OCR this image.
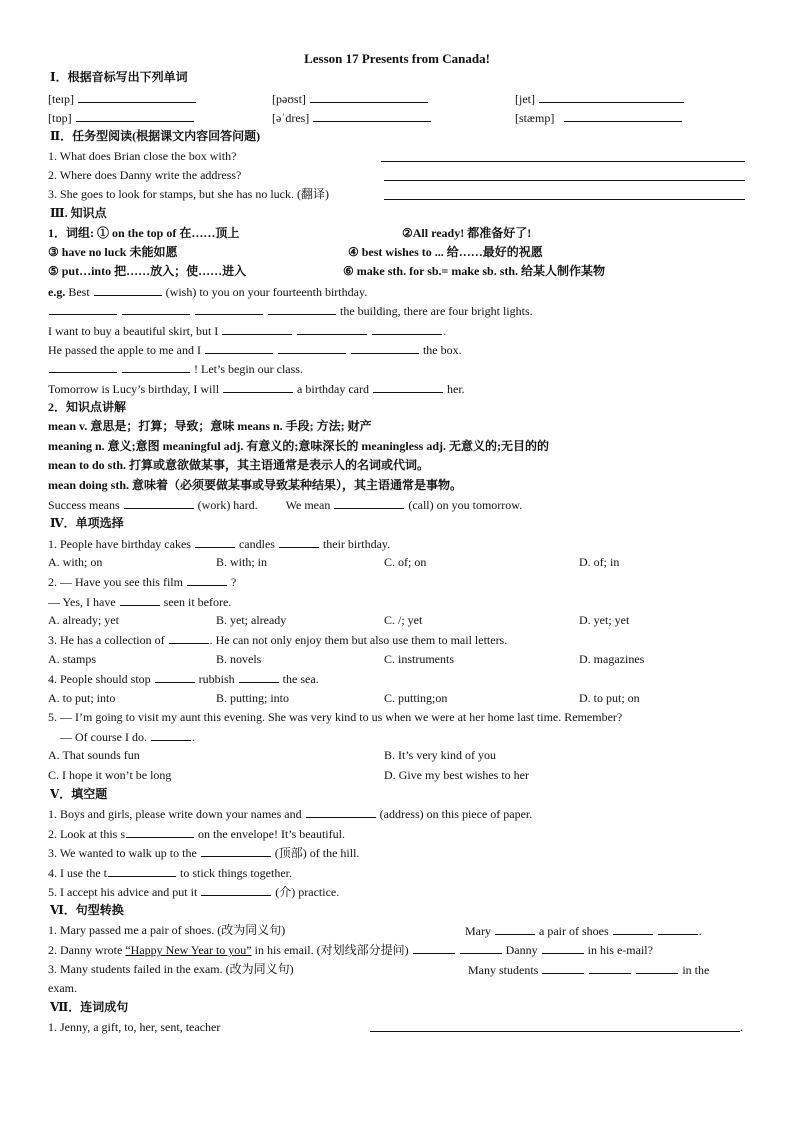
Lesson 17 Presents from Canada!
Ⅰ．根据音标写出下列单词
[teɪp]	[pəʊst]	[jet]
[tɒp]	[əˈdres]	[stæmp]
Ⅱ．任务型阅读(根据课文内容回答问题)
1. What does Brian close the box with?
2. Where does Danny write the address?
3. She goes to look for stamps, but she has no luck. (翻译)
Ⅲ. 知识点
1．词组: ① on the top of 在……顶上	②All ready! 都准备好了!
③ have no luck 未能如愿	④ best wishes to ... 给……最好的祝愿
⑤ put…into 把……放入；使……进入	⑥ make sth. for sb.= make sb. sth. 给某人制作某物
e.g. Best	(wish) to you on your fourteenth birthday.
the building, there are four bright lights.
I want to buy a beautiful skirt, but I	.
He passed the apple to me and I	the box.
! Let’s begin our class.
Tomorrow is Lucy’s birthday, I will	a birthday card	her.
2．知识点讲解
mean v. 意思是；打算；导致；意味 means n. 手段; 方法; 财产
meaning n. 意义;意图 meaningful adj. 有意义的;意味深长的 meaningless adj. 无意义的;无目的的
mean to do sth. 打算或意欲做某事，其主语通常是表示人的名词或代词。
mean doing sth. 意味着（必须要做某事或导致某种结果），其主语通常是事物。
Success means	(work) hard. We mean	(call) on you tomorrow.
Ⅳ．单项选择
1. People have birthday cakes	candles	their birthday.
A. with; on	B. with; in	C. of; on	D. of; in
2. — Have you see this film	?
— Yes, I have	seen it before.
A. already; yet	B. yet; already	C. /; yet	D. yet; yet
3. He has a collection of	. He can not only enjoy them but also use them to mail letters.
A. stamps	B. novels	C. instruments	D. magazines
4. People should stop	rubbish	the sea.
A. to put; into	B. putting; into	C. putting;on	D. to put; on
5. — I’m going to visit my aunt this evening. She was very kind to us when we were at her home last time. Remember?
— Of course I do.	.
A. That sounds fun	B. It’s very kind of you
C. I hope it won’t be long	D. Give my best wishes to her
Ⅴ．填空题
1. Boys and girls, please write down your names and	(address) on this piece of paper.
2. Look at this s	on the envelope! It’s beautiful.
3. We wanted to walk up to the	(顶部) of the hill.
4. I use the t	to stick things together.
5. I accept his advice and put it	(介) practice.
Ⅵ．句型转换
1. Mary passed me a pair of shoes. (改为同义句)	Mary	a pair of shoes	.
2. Danny wrote “Happy New Year to you” in his email. (对划线部分提问)	Danny	in his e-mail?
3. Many students failed in the exam. (改为同义句)	Many students	in the
exam.
Ⅶ．连词成句
1. Jenny, a gift, to, her, sent, teacher	.
